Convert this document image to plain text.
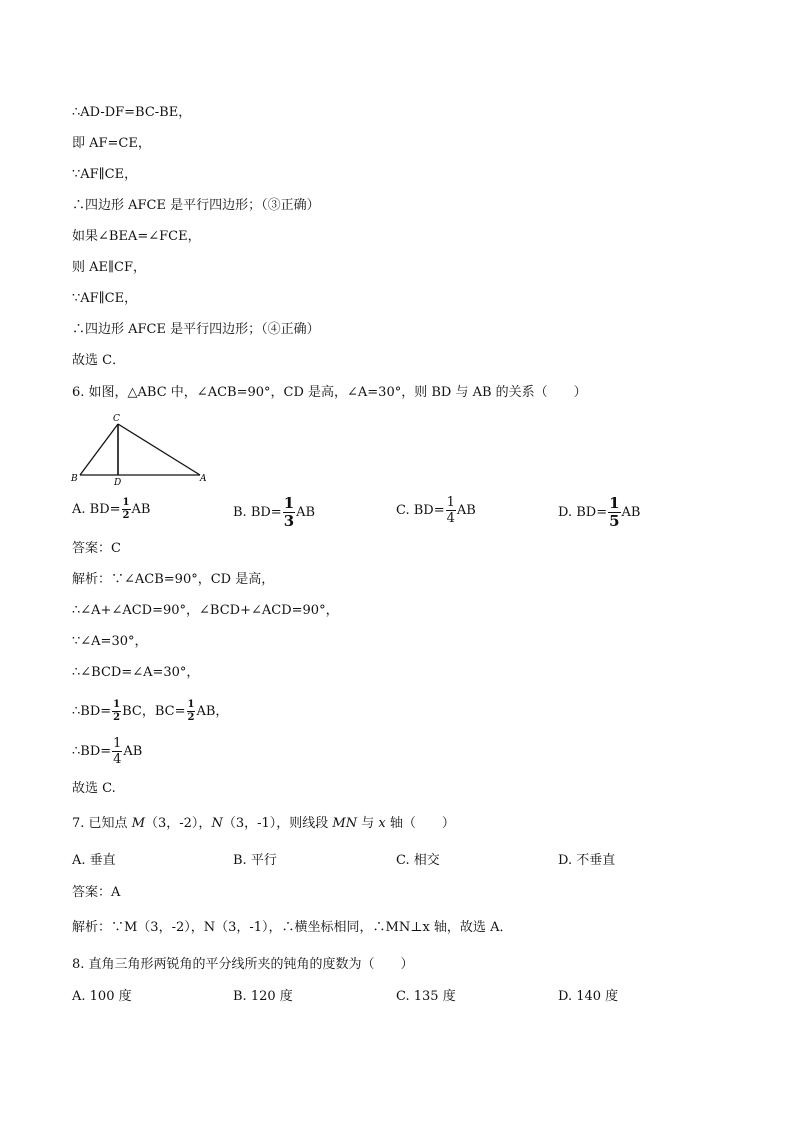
∴AD-DF=BC-BE，
即 AF=CE，
∵AF∥CE，
∴四边形 AFCE 是平行四边形；（③正确）
如果∠BEA=∠FCE，
则 AE∥CF，
∵AF∥CE，
∴四边形 AFCE 是平行四边形；（④正确）
故选 C．
6. 如图，△ABC 中，∠ACB=90°，CD 是高，∠A=30°，则 BD 与 AB 的关系（　　）
C
B	D	A
A. $BD= \frac{1}{2}$ AB	B. $BD= \frac{1}{3}$ AB	C. $BD= \frac{1}{4}$ AB	D. $BD= \frac{1}{5}$ AB
答案：C
解析：∵∠ACB=90°，CD 是高，
∴∠A+∠ACD=90°，∠BCD+∠ACD=90°，
∵∠A=30°，
∴∠BCD=∠A=30°，
∴BD= $\frac{1}{2}$ BC，$BC= \frac{1}{2}$ AB，
∴BD= $\frac{1}{4}$ AB
故选 C.
7. 已知点 M（3，-2），N（3，-1），则线段 MN 与 x 轴（　　）
A. 垂直	B. 平行	C. 相交	D. 不垂直
答案：A
解析：∵M（3，-2），N（3，-1），∴横坐标相同，∴MN⊥x 轴，故选 A．
8. 直角三角形两锐角的平分线所夹的钝角的度数为（　　）
A. 100 度	B. 120 度	C. 135 度	D. 140 度
